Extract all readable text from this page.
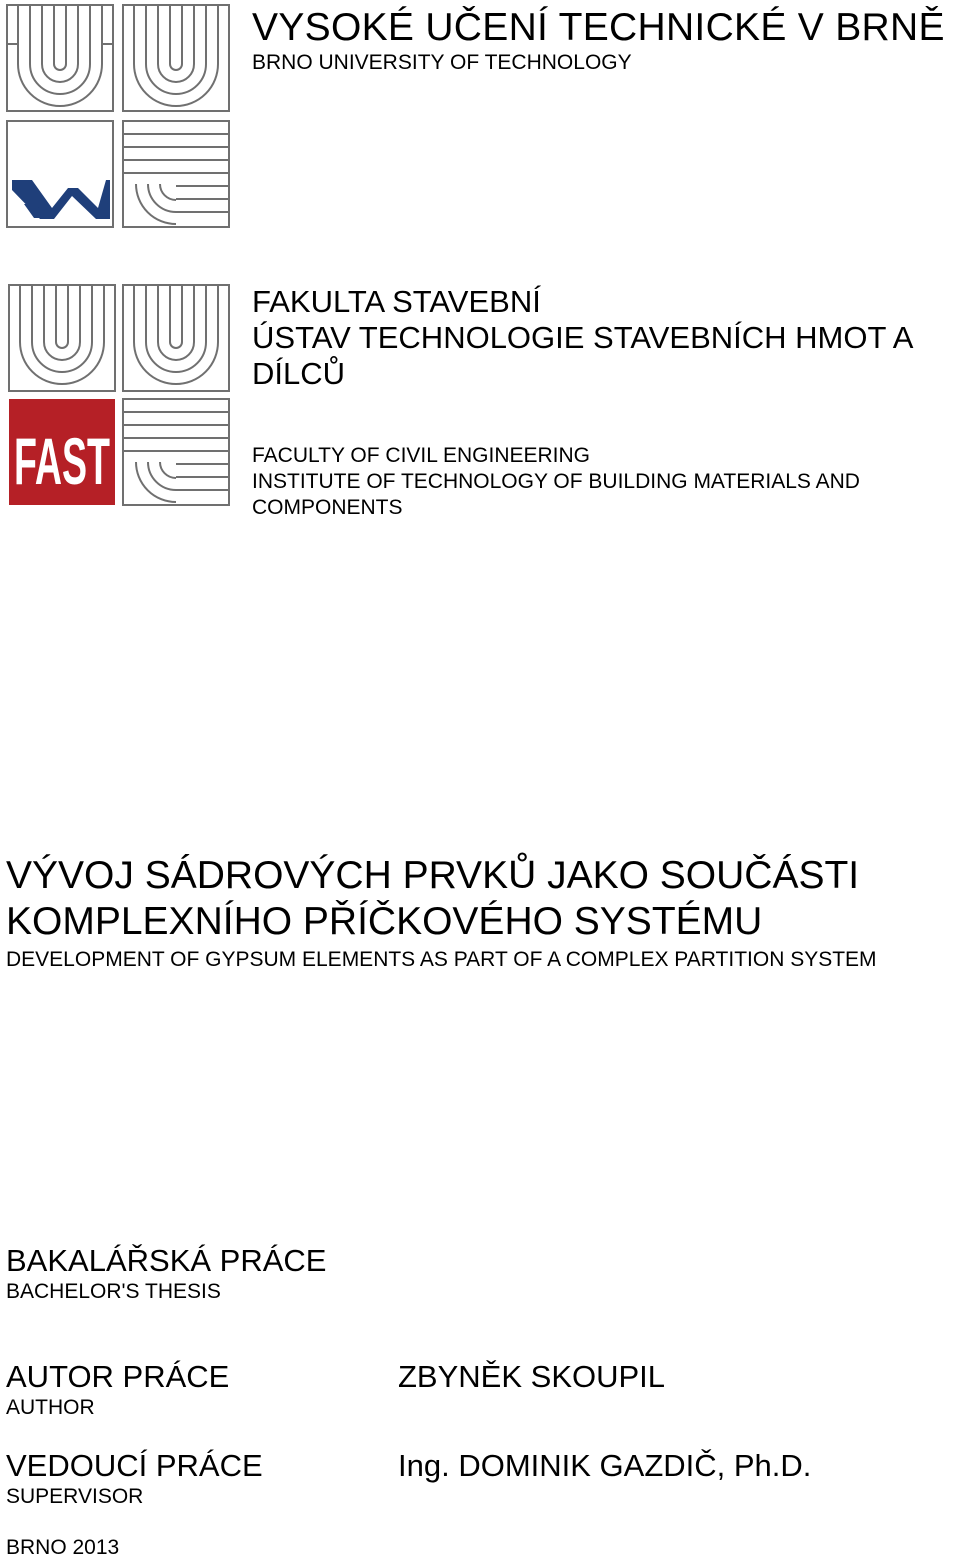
VYSOKÉ UČENÍ TECHNICKÉ V BRNĚ
BRNO UNIVERSITY OF TECHNOLOGY
FAST
FAKULTA STAVEBNÍ
ÚSTAV TECHNOLOGIE STAVEBNÍCH HMOT A
DÍLCŮ
FACULTY OF CIVIL ENGINEERING
INSTITUTE OF TECHNOLOGY OF BUILDING MATERIALS AND
COMPONENTS
VÝVOJ SÁDROVÝCH PRVKŮ JAKO SOUČÁSTI
KOMPLEXNÍHO PŘÍČKOVÉHO SYSTÉMU
DEVELOPMENT OF GYPSUM ELEMENTS AS PART OF A COMPLEX PARTITION SYSTEM
BAKALÁŘSKÁ PRÁCE
BACHELOR'S THESIS
AUTOR PRÁCE
AUTHOR
ZBYNĚK SKOUPIL
VEDOUCÍ PRÁCE
SUPERVISOR
Ing. DOMINIK GAZDIČ, Ph.D.
BRNO 2013
